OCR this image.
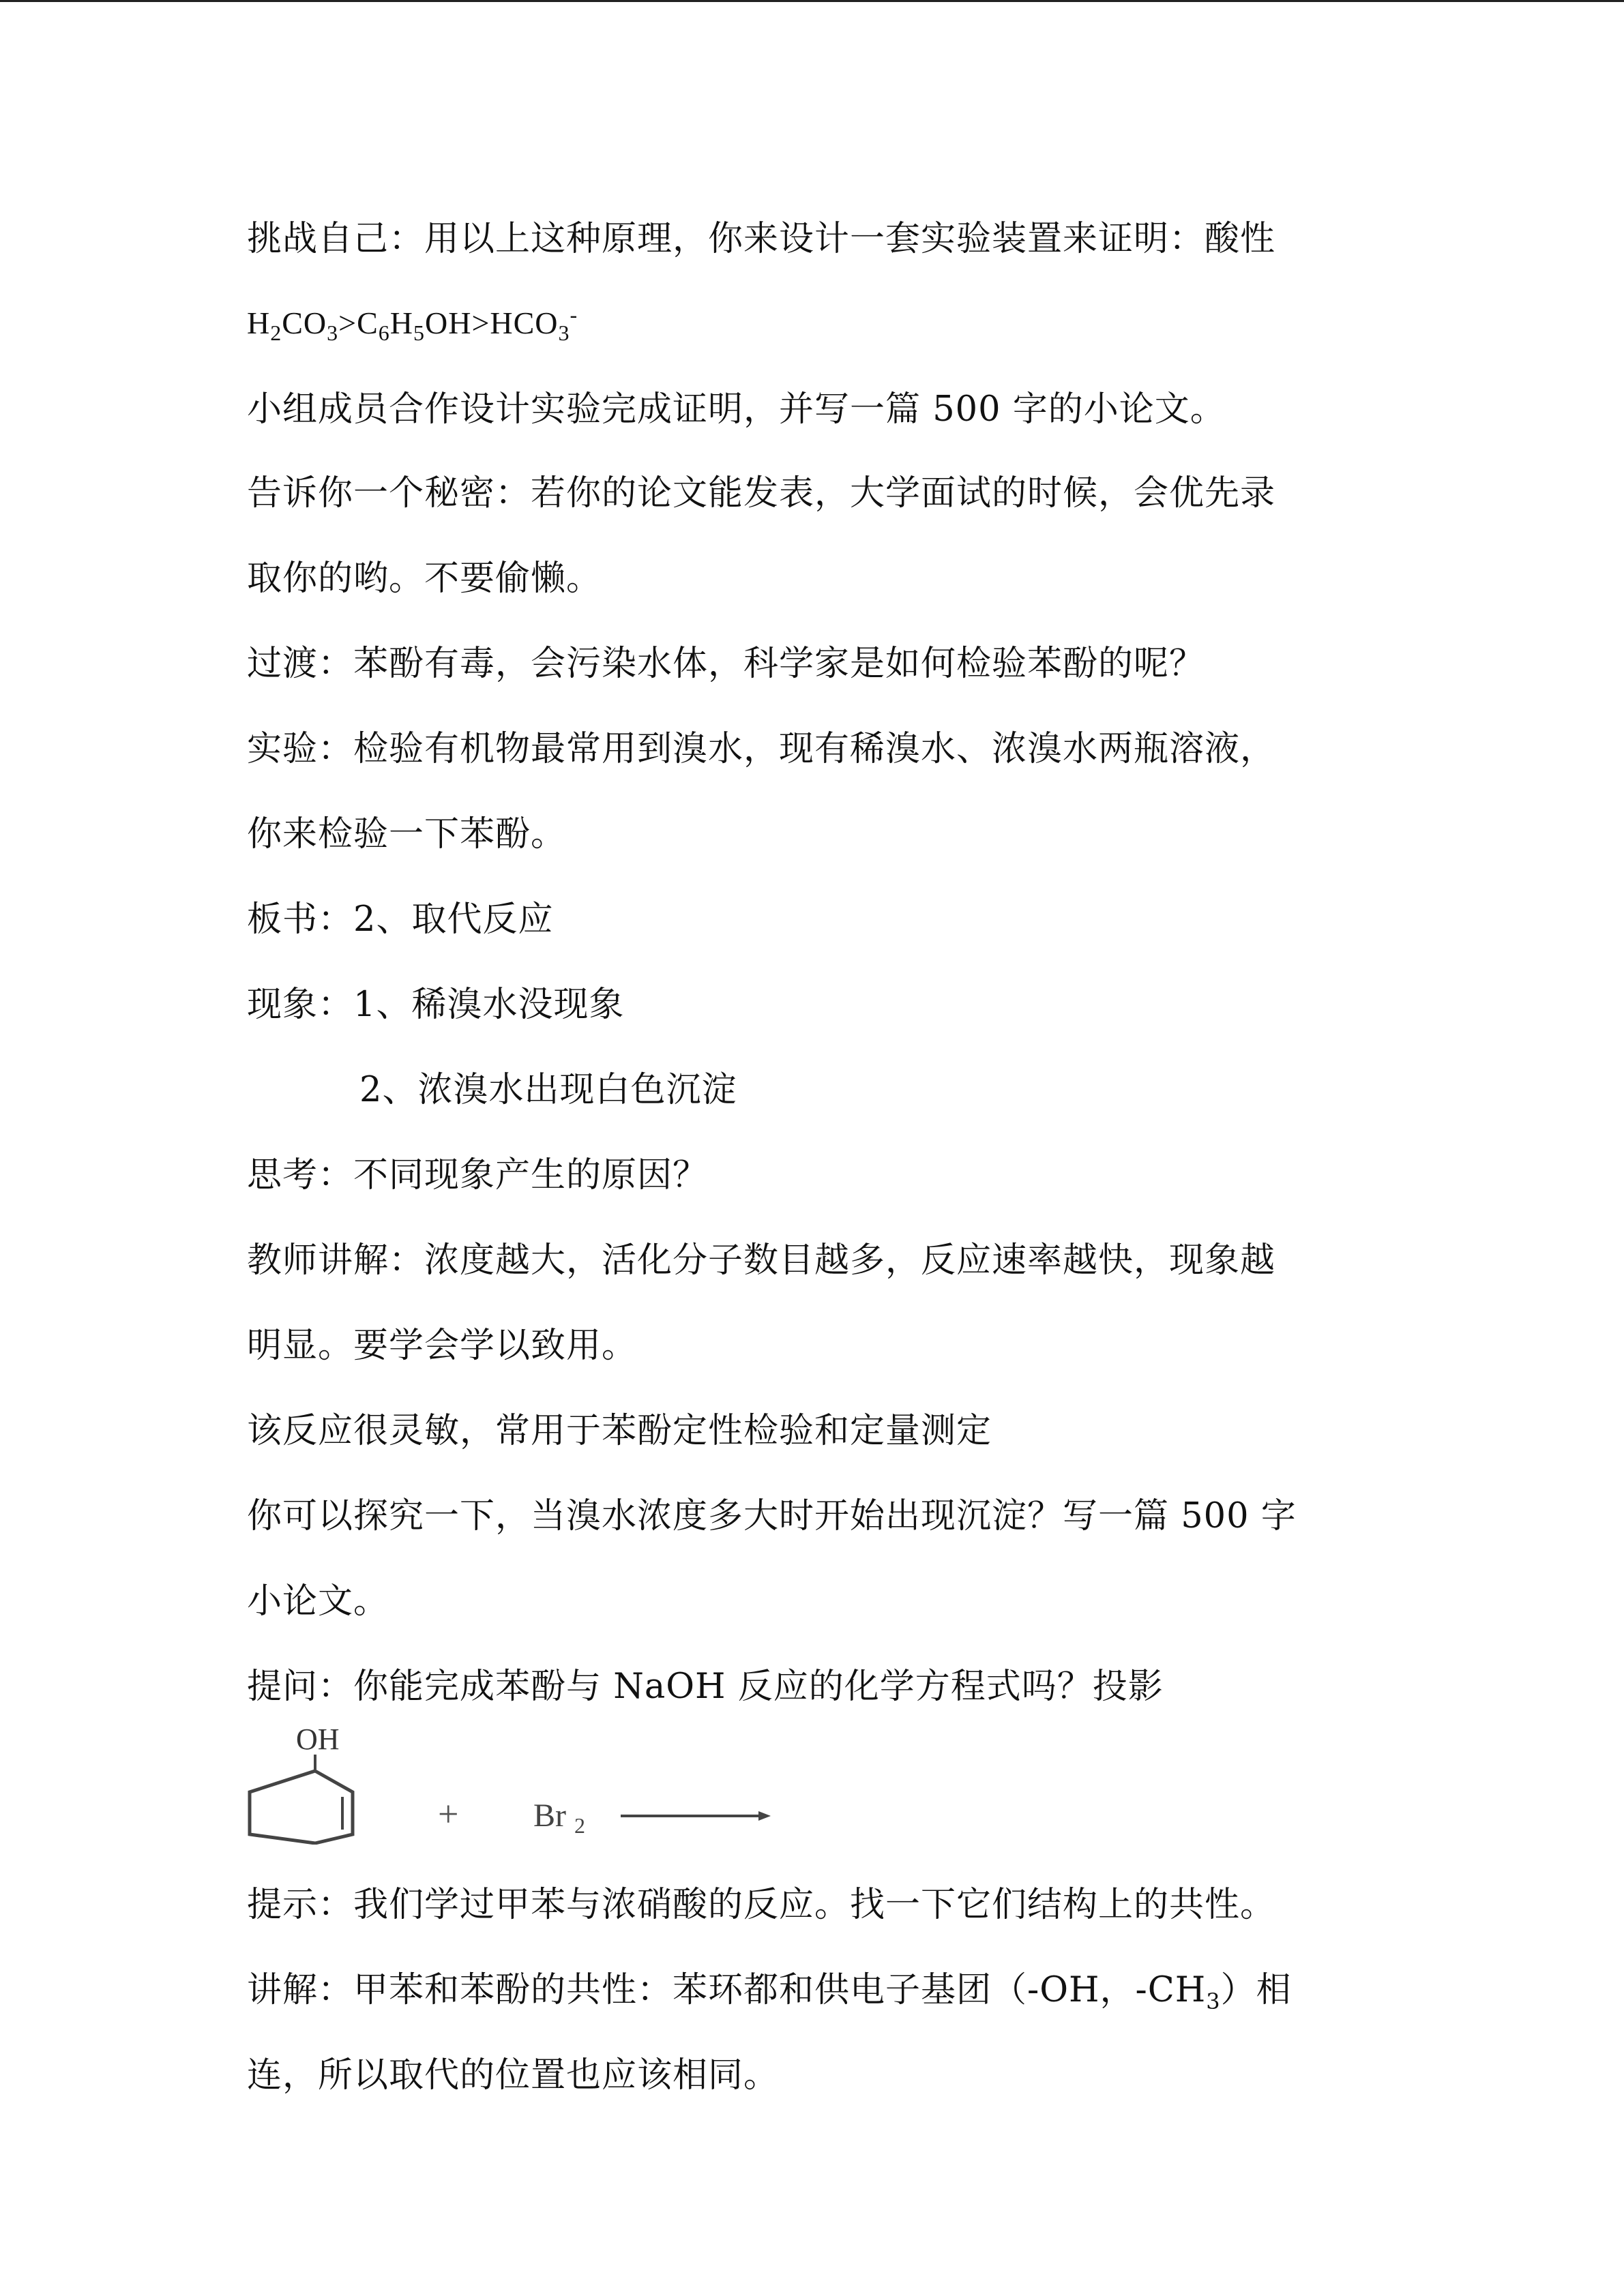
挑战自己：用以上这种原理，你来设计一套实验装置来证明：酸性
$H_2CO_3>C_6H_5OH>HCO_3^-$
小组成员合作设计实验完成证明，并写一篇 500 字的小论文。
告诉你一个秘密：若你的论文能发表，大学面试的时候，会优先录
取你的哟。不要偷懒。
过渡：苯酚有毒，会污染水体，科学家是如何检验苯酚的呢？
实验：检验有机物最常用到溴水，现有稀溴水、浓溴水两瓶溶液，
你来检验一下苯酚。
板书：2、取代反应
现象：1、稀溴水没现象
2、浓溴水出现白色沉淀
思考：不同现象产生的原因？
教师讲解：浓度越大，活化分子数目越多，反应速率越快，现象越
明显。要学会学以致用。
该反应很灵敏，常用于苯酚定性检验和定量测定
你可以探究一下，当溴水浓度多大时开始出现沉淀？写一篇 500 字
小论文。
提问：你能完成苯酚与 NaOH 反应的化学方程式吗？投影
OH
+ Br 2
提示：我们学过甲苯与浓硝酸的反应。找一下它们结构上的共性。
讲解：甲苯和苯酚的共性：苯环都和供电子基团（-OH，$-CH_3$）相
连，所以取代的位置也应该相同。
